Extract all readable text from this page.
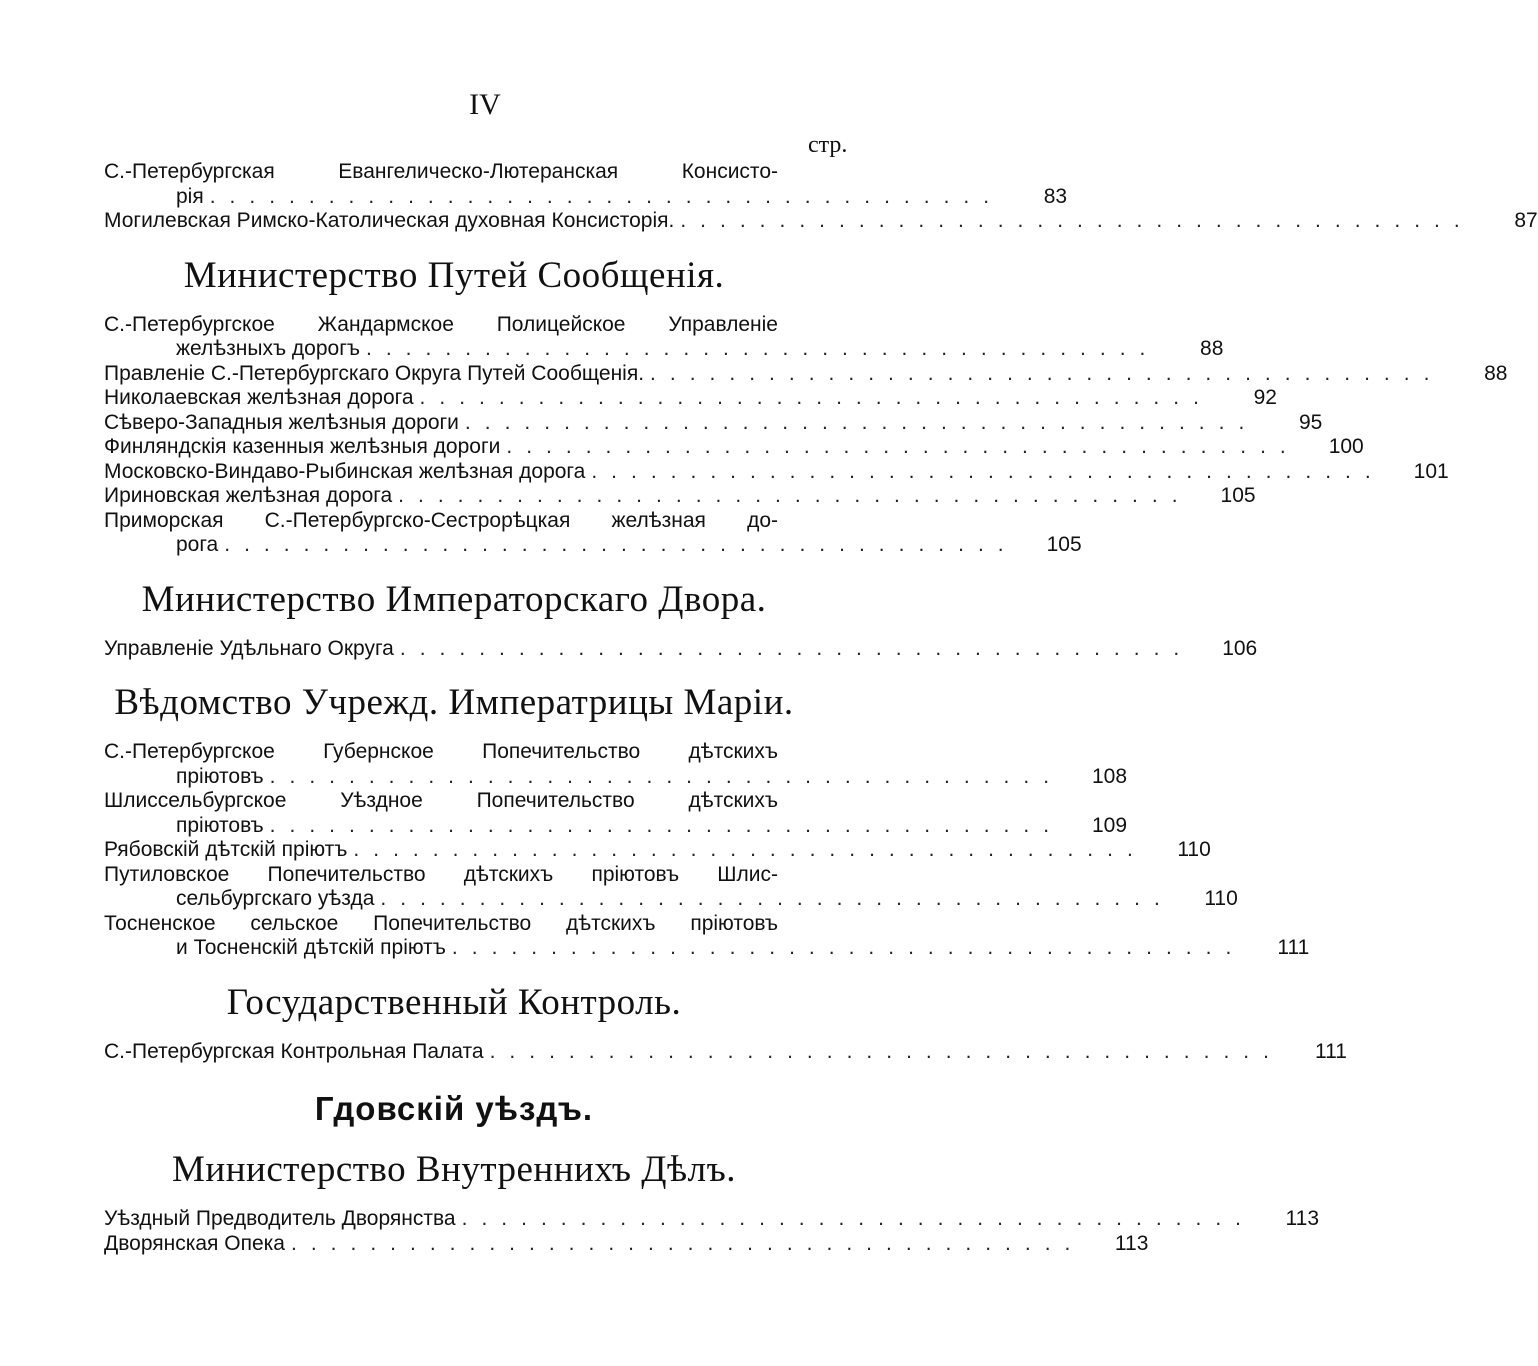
IV
стр.
С.-Петербургская Евангелическо-Лютеранская Консисто-
рія ........................................	83
Могилевская Римско-Католическая духовная Консисторія. ........................................	87
Министерство Путей Сообщенія.
С.-Петербургское Жандармское Полицейское Управленіе
желѣзныхъ дорогъ ........................................	88
Правленіе С.-Петербургскаго Округа Путей Сообщенія. ........................................	88
Николаевская желѣзная дорога ........................................	92
Сѣверо-Западныя желѣзныя дороги ........................................	95
Финляндскія казенныя желѣзныя дороги ........................................	100
Московско-Виндаво-Рыбинская желѣзная дорога ........................................	101
Ириновская желѣзная дорога ........................................	105
Приморская С.-Петербургско-Сестрорѣцкая желѣзная до-
рога ........................................	105
Министерство Императорскаго Двора.
Управленіе Удѣльнаго Округа ........................................	106
Вѣдомство Учрежд. Императрицы Маріи.
С.-Петербургское Губернское Попечительство дѣтскихъ
пріютовъ ........................................	108
Шлиссельбургское Уѣздное Попечительство дѣтскихъ
пріютовъ ........................................	109
Рябовскій дѣтскій пріютъ ........................................	110
Путиловское Попечительство дѣтскихъ пріютовъ Шлис-
сельбургскаго уѣзда ........................................	110
Тосненское сельское Попечительство дѣтскихъ пріютовъ
и Тосненскій дѣтскій пріютъ ........................................	111
Государственный Контроль.
С.-Петербургская Контрольная Палата ........................................	111
Гдовскій уѣздъ.
Министерство Внутреннихъ Дѣлъ.
Уѣздный Предводитель Дворянства ........................................	113
Дворянская Опека ........................................	113
